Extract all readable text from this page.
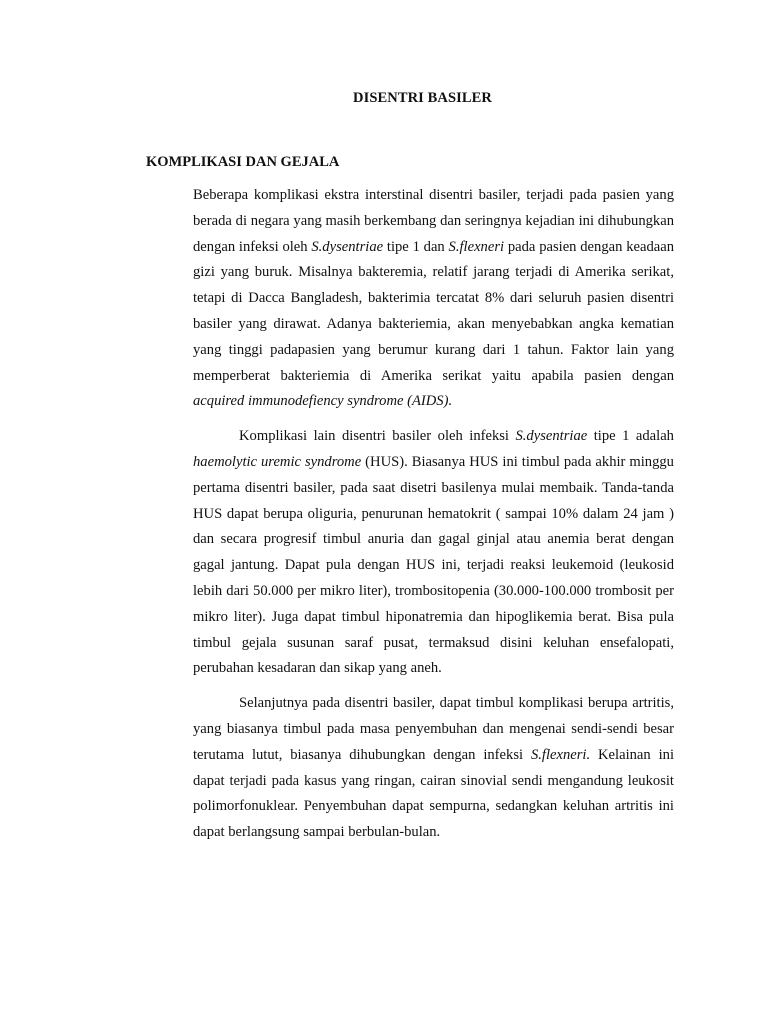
DISENTRI BASILER
KOMPLIKASI DAN GEJALA

Beberapa komplikasi ekstra interstinal disentri basiler, terjadi pada pasien yang berada di negara yang masih berkembang dan seringnya kejadian ini dihubungkan dengan infeksi oleh S.dysentriae tipe 1 dan S.flexneri pada pasien dengan keadaan gizi yang buruk. Misalnya bakteremia, relatif jarang terjadi di Amerika serikat, tetapi di Dacca Bangladesh, bakterimia tercatat 8% dari seluruh pasien disentri basiler yang dirawat. Adanya bakteriemia, akan menyebabkan angka kematian yang tinggi padapasien yang berumur kurang dari 1 tahun. Faktor lain yang memperberat bakteriemia di Amerika serikat yaitu apabila pasien dengan acquired immunodefiency syndrome (AIDS).

Komplikasi lain disentri basiler oleh infeksi S.dysentriae tipe 1 adalah haemolytic uremic syndrome (HUS). Biasanya HUS ini timbul pada akhir minggu pertama disentri basiler, pada saat disetri basilenya mulai membaik. Tanda-tanda HUS dapat berupa oliguria, penurunan hematokrit ( sampai 10% dalam 24 jam ) dan secara progresif timbul anuria dan gagal ginjal atau anemia berat dengan gagal jantung. Dapat pula dengan HUS ini, terjadi reaksi leukemoid (leukosid lebih dari 50.000 per mikro liter), trombositopenia (30.000-100.000 trombosit per mikro liter). Juga dapat timbul hiponatremia dan hipoglikemia berat. Bisa pula timbul gejala susunan saraf pusat, termaksud disini keluhan ensefalopati, perubahan kesadaran dan sikap yang aneh.

Selanjutnya pada disentri basiler, dapat timbul komplikasi berupa artritis, yang biasanya timbul pada masa penyembuhan dan mengenai sendi-sendi besar terutama lutut, biasanya dihubungkan dengan infeksi S.flexneri. Kelainan ini dapat terjadi pada kasus yang ringan, cairan sinovial sendi mengandung leukosit polimorfonuklear. Penyembuhan dapat sempurna, sedangkan keluhan artritis ini dapat berlangsung sampai berbulan-bulan.
